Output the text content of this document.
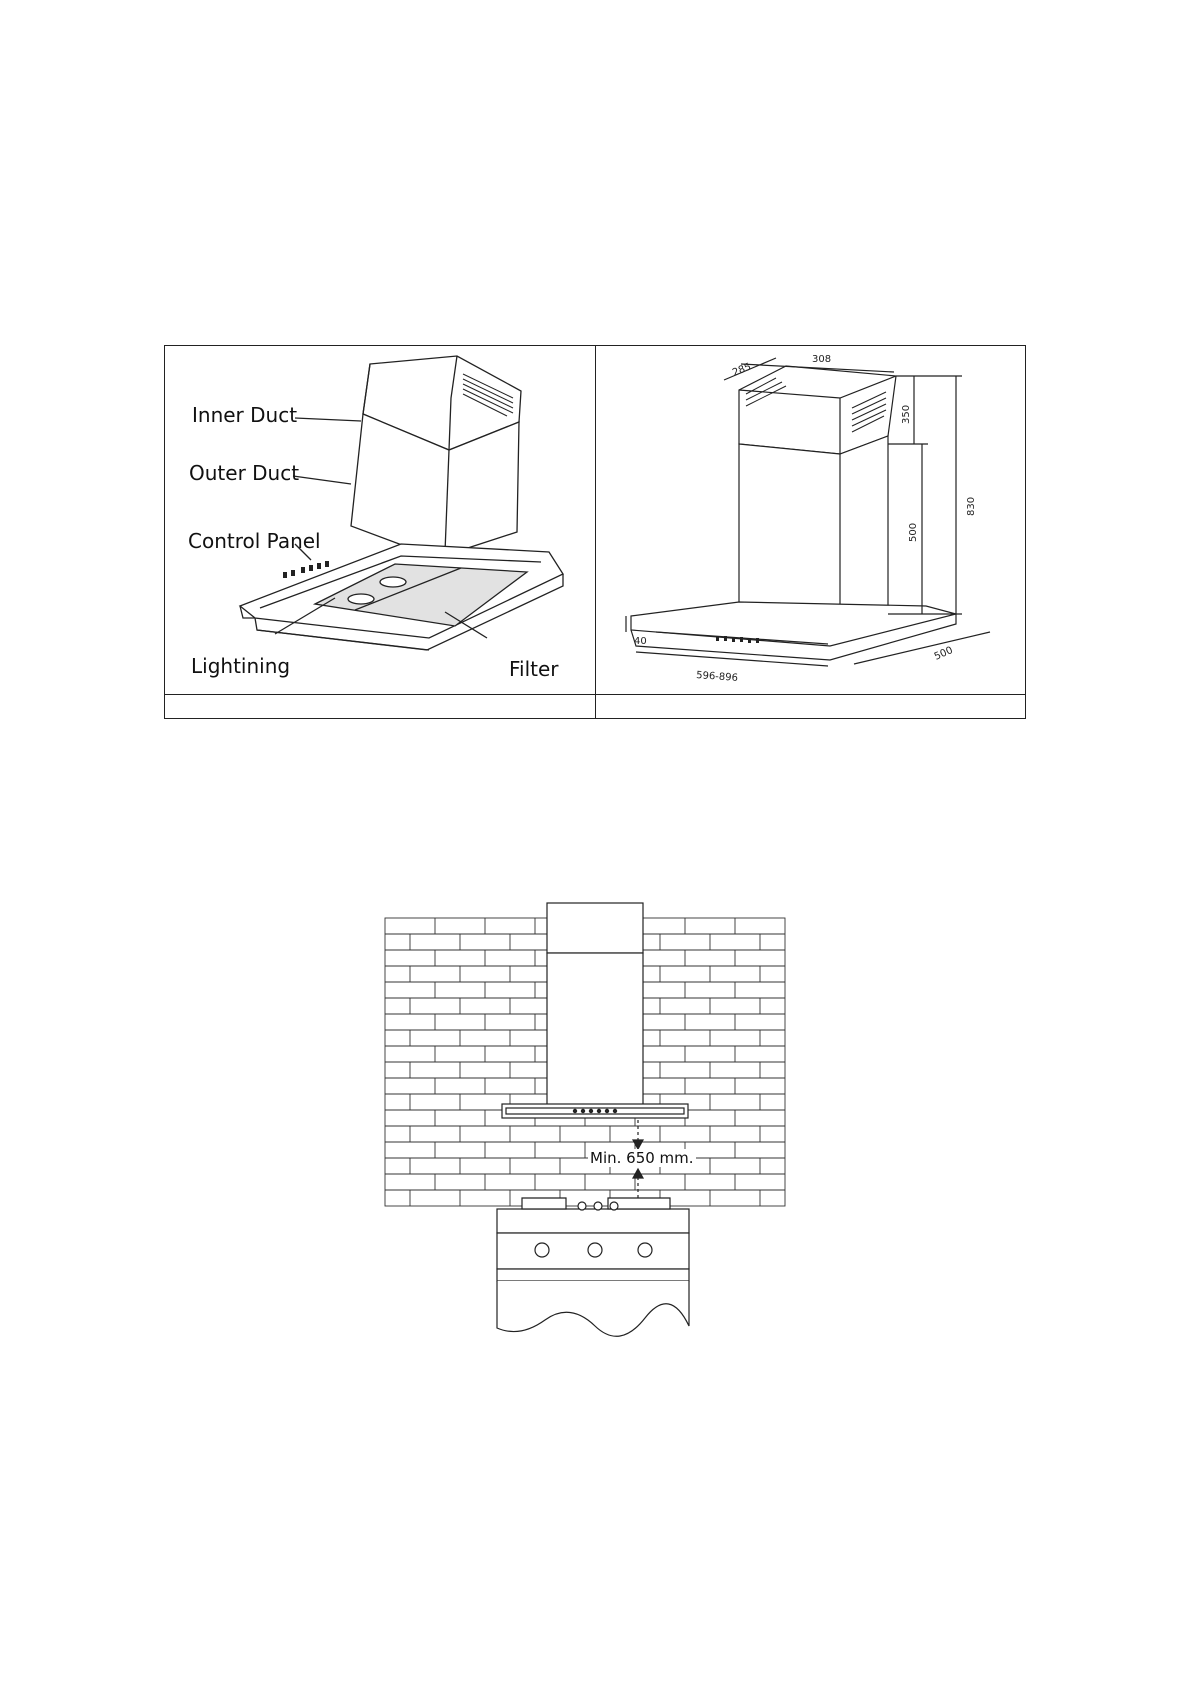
Inner Duct
Outer Duct
Control Panel
Lightining	Filter
308
285
350
500
830
40
596-896
500
Min. 650 mm.
